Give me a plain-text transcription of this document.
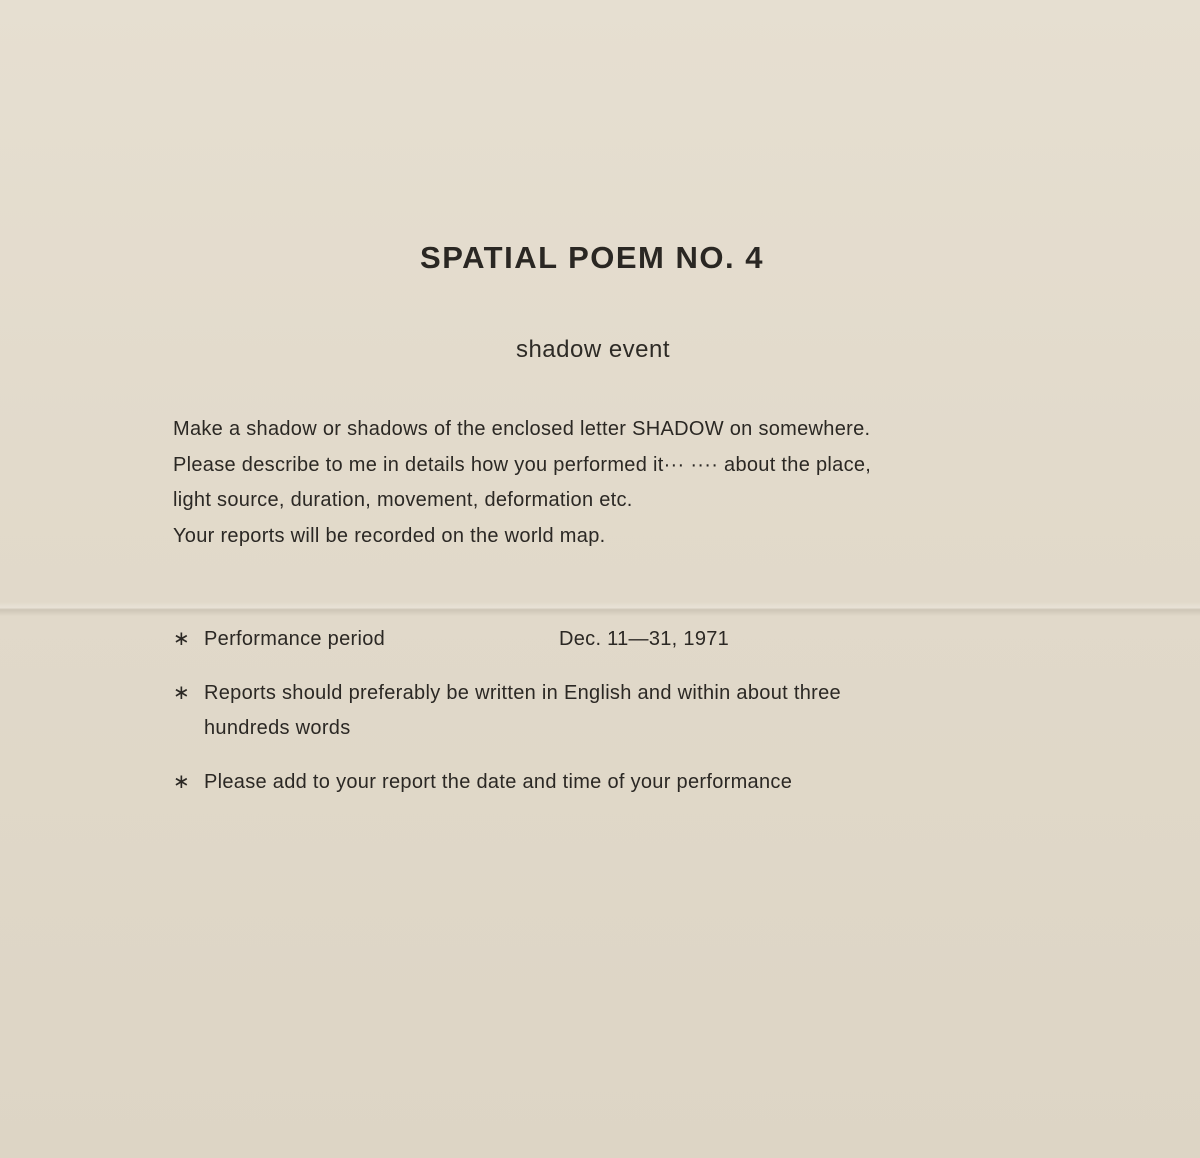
SPATIAL POEM NO. 4
shadow event
Make a shadow or shadows of the enclosed letter SHADOW on somewhere.
Please describe to me in details how you performed it··· ···· about the place,
light source, duration, movement, deformation etc.
Your reports will be recorded on the world map.
∗ Performance period	Dec. 11—31, 1971
∗ Reports should preferably be written in English and within about three
hundreds words
∗ Please add to your report the date and time of your performance
